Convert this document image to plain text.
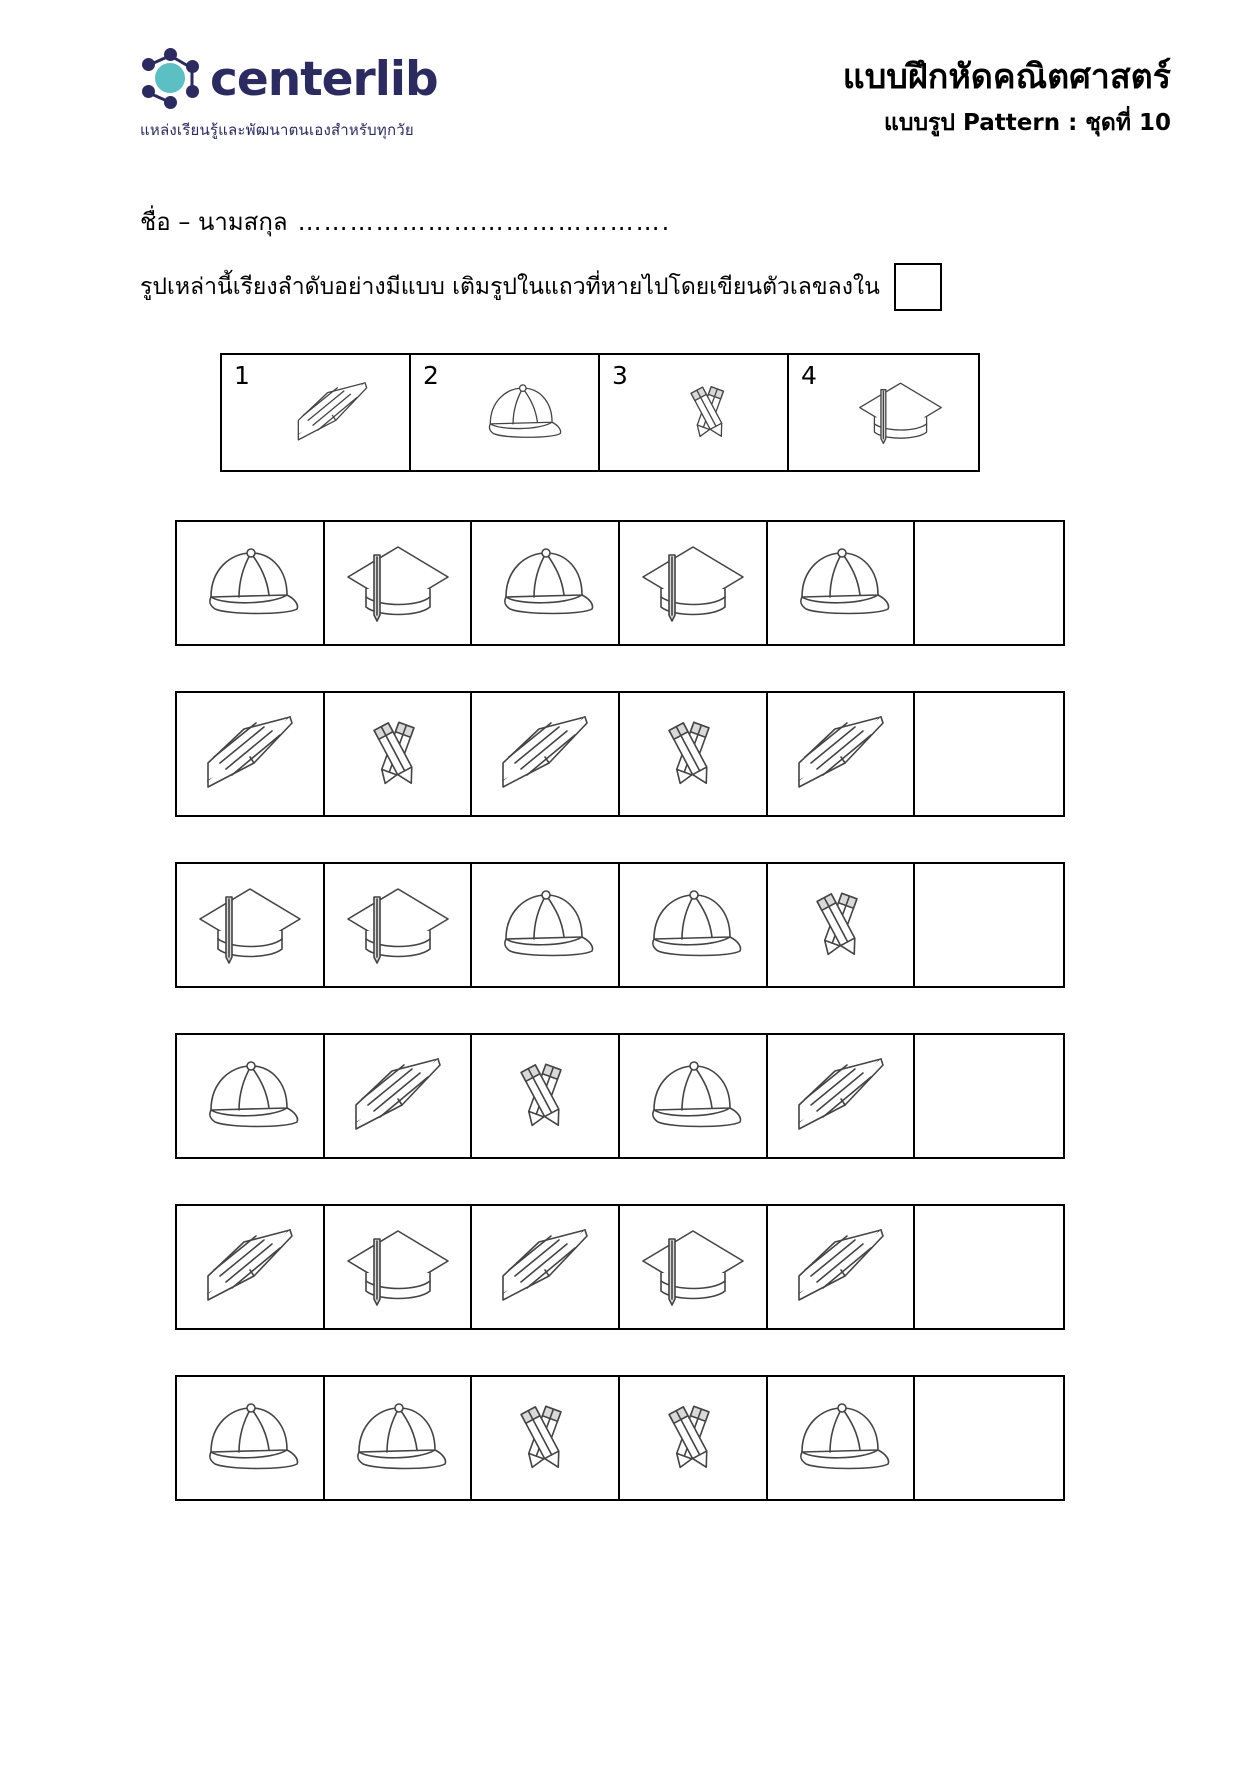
centerlib
แหล่งเรียนรู้และพัฒนาตนเองสำหรับทุกวัย
แบบฝึกหัดคณิตศาสตร์
แบบรูป Pattern : ชุดที่ 10
ชื่อ – นามสกุล …………………………………….
รูปเหล่านี้เรียงลำดับอย่างมีแบบ เติมรูปในแถวที่หายไปโดยเขียนตัวเลขลงใน
1	2	3	4
